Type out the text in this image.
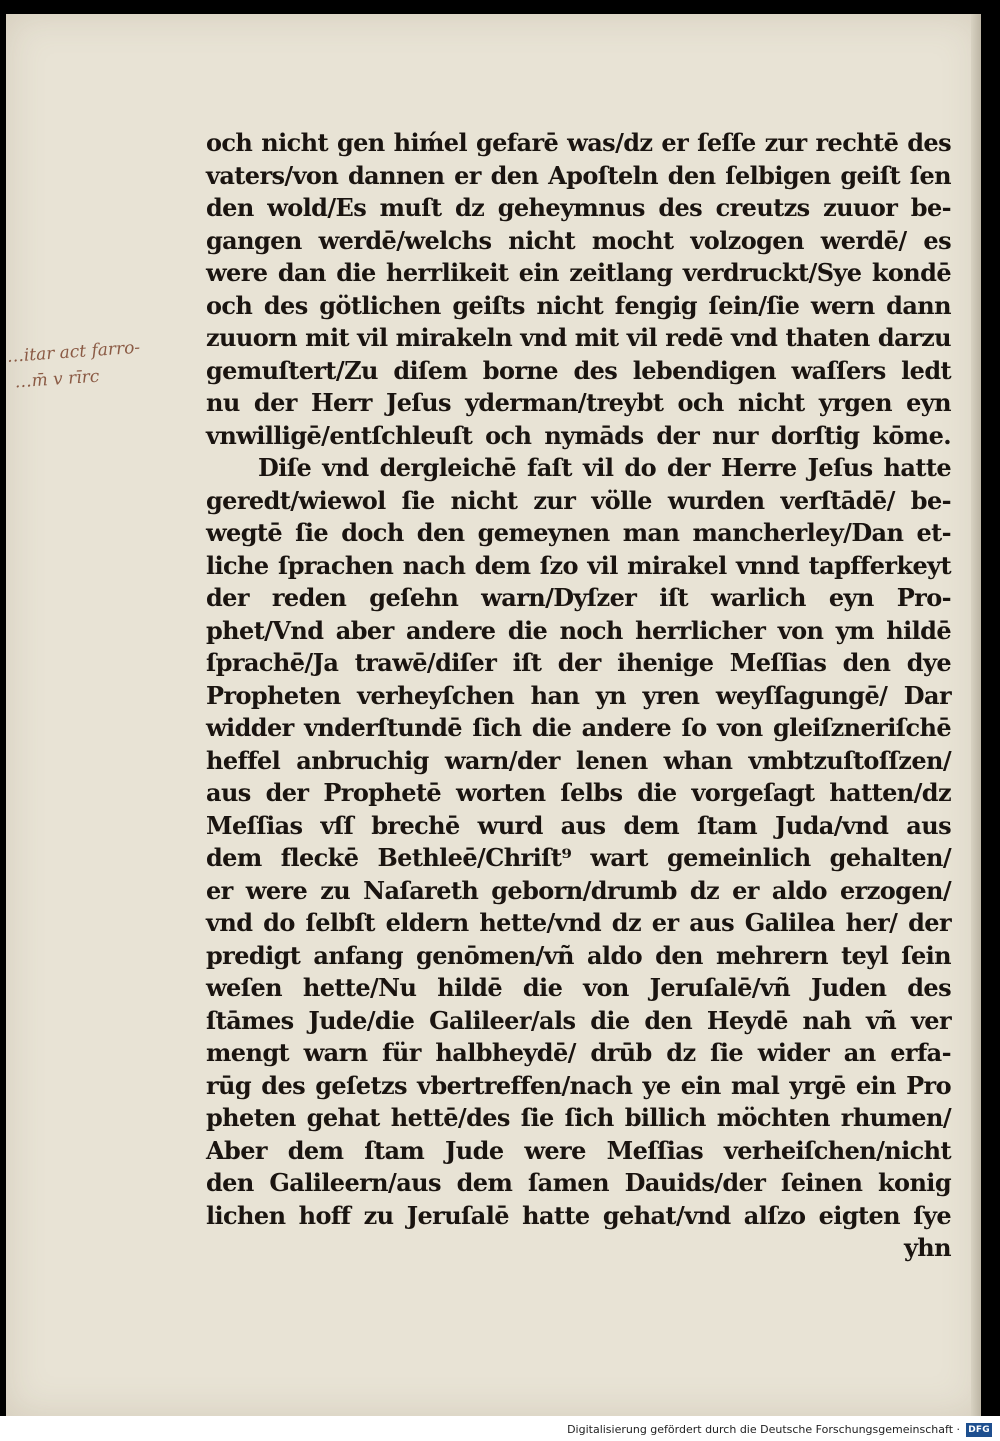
…itar act farro-
…m̄ v rīrc
och nicht gen hiḿel gefarē was/dz er ſeſſe zur rechtē des
vaters/von dannen er den Apoſteln den ſelbigen geiſt ſen
den wold/Es muſt dz geheymnus des creutzs zuuor be-
gangen werdē/welchs nicht mocht volzogen werdē/ es
were dan die herrlikeit ein zeitlang verdruckt/Sye kondē
och des götlichen geiſts nicht fengig ſein/ſie wern dann
zuuorn mit vil mirakeln vnd mit vil redē vnd thaten darzu
gemuſtert/Zu diſem borne des lebendigen waſſers ledt
nu der Herr Jeſus yderman/treybt och nicht yrgen eyn
vnwilligē/entſchleuſt och nymāds der nur dorſtig kōme.
Diſe vnd dergleichē faſt vil do der Herre Jeſus hatte
geredt/wiewol ſie nicht zur völle wurden verſtādē/ be-
wegtē ſie doch den gemeynen man mancherley/Dan et-
liche ſprachen nach dem ſzo vil mirakel vnnd tapfferkeyt
der reden geſehn warn/Dyſzer iſt warlich eyn Pro-
phet/Vnd aber andere die noch herrlicher von ym hildē
ſprachē/Ja trawē/diſer iſt der ihenige Meſſias den dye
Propheten verheyſchen han yn yren weyſſagungē/ Dar
widder vnderſtundē ſich die andere ſo von gleiſzneriſchē
heffel anbruchig warn/der lenen whan vmbtzuſtoſſzen/
aus der Prophetē worten ſelbs die vorgeſagt hatten/dz
Meſſias vſſ brechē wurd aus dem ſtam Juda/vnd aus
dem fleckē Bethleē/Chriſt⁹ wart gemeinlich gehalten/
er were zu Naſareth geborn/drumb dz er aldo erzogen/
vnd do ſelbſt eldern hette/vnd dz er aus Galilea her/ der
predigt anfang genōmen/vñ aldo den mehrern teyl ſein
weſen hette/Nu hildē die von Jeruſalē/vñ Juden des
ſtāmes Jude/die Galileer/als die den Heydē nah vñ ver
mengt warn für halbheydē/ drūb dz ſie wider an erfa-
rūg des geſetzs vbertreffen/nach ye ein mal yrgē ein Pro
pheten gehat hettē/des ſie ſich billich möchten rhumen/
Aber dem ſtam Jude were Meſſias verheiſchen/nicht
den Galileern/aus dem ſamen Dauids/der ſeinen konig
lichen hoff zu Jeruſalē hatte gehat/vnd alſzo eigten ſye
yhn
Digitalisierung gefördert durch die Deutsche Forschungsgemeinschaft · DFG
